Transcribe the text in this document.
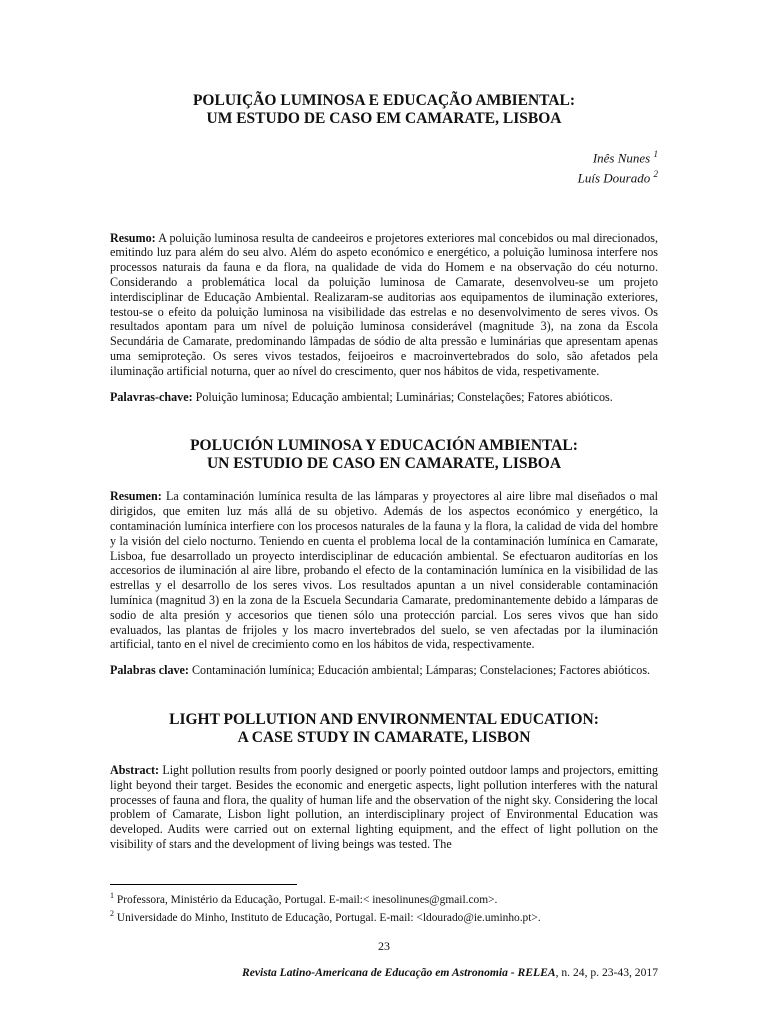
POLUIÇÃO LUMINOSA E EDUCAÇÃO AMBIENTAL:
UM ESTUDO DE CASO EM CAMARATE, LISBOA
Inês Nunes $^1$
Luís Dourado $^2$

Resumo: A poluição luminosa resulta de candeeiros e projetores exteriores mal concebidos ou mal direcionados, emitindo luz para além do seu alvo. Além do aspeto económico e energético, a poluição luminosa interfere nos processos naturais da fauna e da flora, na qualidade de vida do Homem e na observação do céu noturno. Considerando a problemática local da poluição luminosa de Camarate, desenvolveu-se um projeto interdisciplinar de Educação Ambiental. Realizaram-se auditorias aos equipamentos de iluminação exteriores, testou-se o efeito da poluição luminosa na visibilidade das estrelas e no desenvolvimento de seres vivos. Os resultados apontam para um nível de poluição luminosa considerável (magnitude 3), na zona da Escola Secundária de Camarate, predominando lâmpadas de sódio de alta pressão e luminárias que apresentam apenas uma semiproteção. Os seres vivos testados, feijoeiros e macroinvertebrados do solo, são afetados pela iluminação artificial noturna, quer ao nível do crescimento, quer nos hábitos de vida, respetivamente.

Palavras-chave: Poluição luminosa; Educação ambiental; Luminárias; Constelações; Fatores abióticos.

POLUCIÓN LUMINOSA Y EDUCACIÓN AMBIENTAL:
UN ESTUDIO DE CASO EN CAMARATE, LISBOA

Resumen: La contaminación lumínica resulta de las lámparas y proyectores al aire libre mal diseñados o mal dirigidos, que emiten luz más allá de su objetivo. Además de los aspectos económico y energético, la contaminación lumínica interfiere con los procesos naturales de la fauna y la flora, la calidad de vida del hombre y la visión del cielo nocturno. Teniendo en cuenta el problema local de la contaminación lumínica en Camarate, Lisboa, fue desarrollado un proyecto interdisciplinar de educación ambiental. Se efectuaron auditorías en los accesorios de iluminación al aire libre, probando el efecto de la contaminación lumínica en la visibilidad de las estrellas y el desarrollo de los seres vivos. Los resultados apuntan a un nivel considerable contaminación lumínica (magnitud 3) en la zona de la Escuela Secundaria Camarate, predominantemente debido a lámparas de sodio de alta presión y accesorios que tienen sólo una protección parcial. Los seres vivos que han sido evaluados, las plantas de frijoles y los macro invertebrados del suelo, se ven afectadas por la iluminación artificial, tanto en el nivel de crecimiento como en los hábitos de vida, respectivamente.

Palabras clave: Contaminación lumínica; Educación ambiental; Lámparas; Constelaciones; Factores abióticos.

LIGHT POLLUTION AND ENVIRONMENTAL EDUCATION:
A CASE STUDY IN CAMARATE, LISBON

Abstract: Light pollution results from poorly designed or poorly pointed outdoor lamps and projectors, emitting light beyond their target. Besides the economic and energetic aspects, light pollution interferes with the natural processes of fauna and flora, the quality of human life and the observation of the night sky. Considering the local problem of Camarate, Lisbon light pollution, an interdisciplinary project of Environmental Education was developed. Audits were carried out on external lighting equipment, and the effect of light pollution on the visibility of stars and the development of living beings was tested. The

$^1$ Professora, Ministério da Educação, Portugal. E-mail:< inesolinunes@gmail.com>.
$^2$ Universidade do Minho, Instituto de Educação, Portugal. E-mail: <ldourado@ie.uminho.pt>.
23
Revista Latino-Americana de Educação em Astronomia - RELEA, n. 24, p. 23-43, 2017
